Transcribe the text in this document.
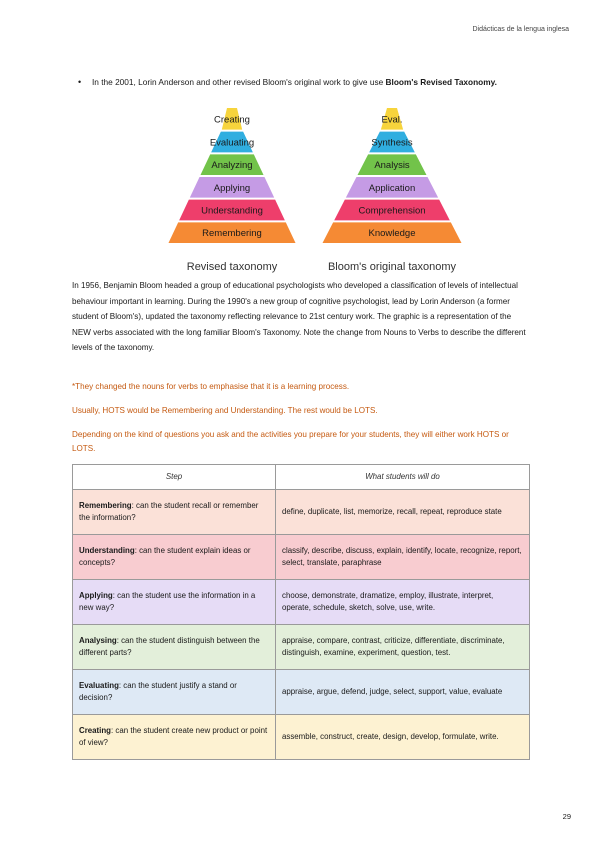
Didácticas de la lengua inglesa
• In the 2001, Lorin Anderson and other revised Bloom's original work to give use Bloom's Revised Taxonomy.
Creating
Evaluating
Analyzing
Applying
Understanding
Remembering
Revised taxonomy
Eval.
Synthesis
Analysis
Application
Comprehension
Knowledge
Bloom's original taxonomy
In 1956, Benjamin Bloom headed a group of educational psychologists who developed a classification of levels of intellectual behaviour important in learning. During the 1990's a new group of cognitive psychologist, lead by Lorin Anderson (a former student of Bloom's), updated the taxonomy reflecting relevance to 21st century work. The graphic is a representation of the NEW verbs associated with the long familiar Bloom's Taxonomy. Note the change from Nouns to Verbs to describe the different levels of the taxonomy.
*They changed the nouns for verbs to emphasise that it is a learning process.
Usually, HOTS would be Remembering and Understanding. The rest would be LOTS.
Depending on the kind of questions you ask and the activities you prepare for your students, they will either work HOTS or LOTS.
Step	What students will do
Remembering: can the student recall or remember the information?	define, duplicate, list, memorize, recall, repeat, reproduce state
Understanding: can the student explain ideas or concepts?	classify, describe, discuss, explain, identify, locate, recognize, report, select, translate, paraphrase
Applying: can the student use the information in a new way?	choose, demonstrate, dramatize, employ, illustrate, interpret, operate, schedule, sketch, solve, use, write.
Analysing: can the student distinguish between the different parts?	appraise, compare, contrast, criticize, differentiate, discriminate, distinguish, examine, experiment, question, test.
Evaluating: can the student justify a stand or decision?	appraise, argue, defend, judge, select, support, value, evaluate
Creating: can the student create new product or point of view?	assemble, construct, create, design, develop, formulate, write.
29
